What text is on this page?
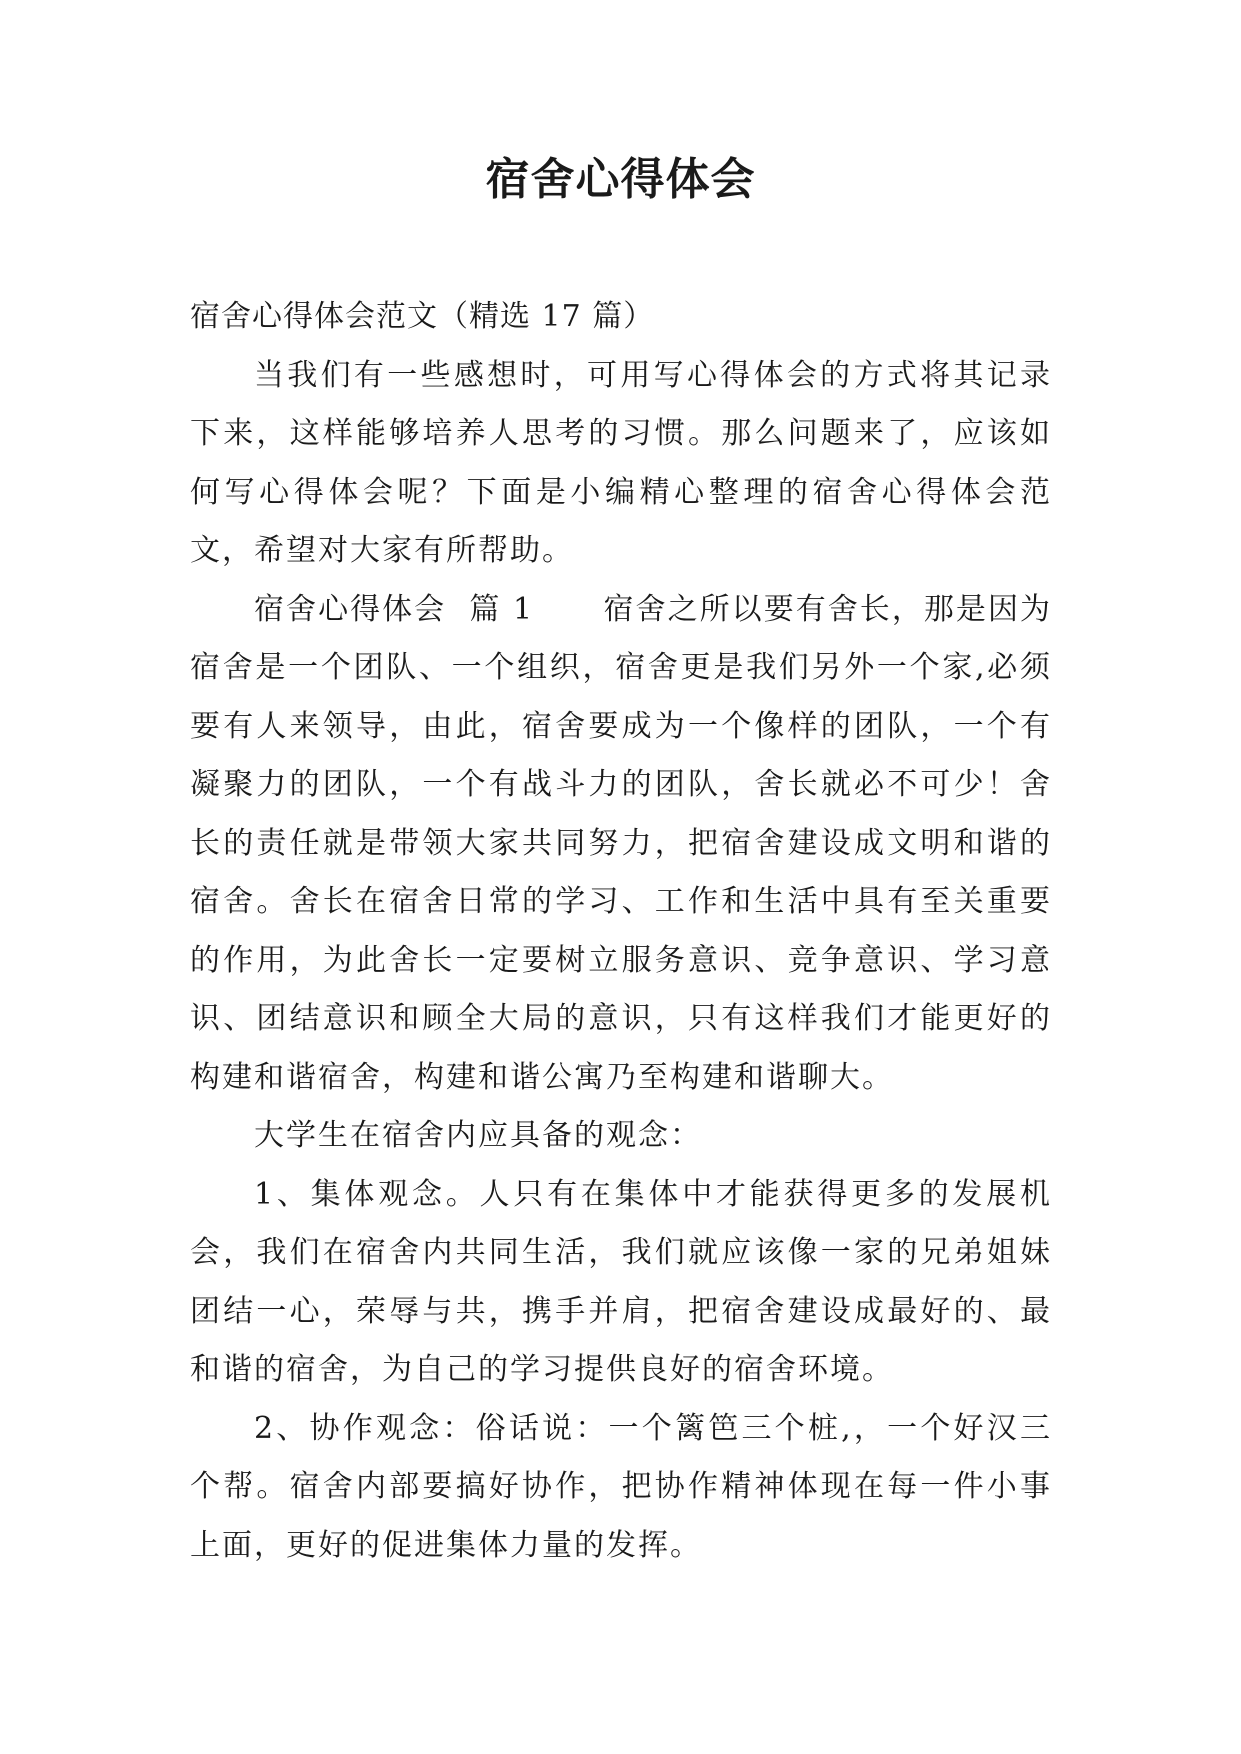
宿舍心得体会

宿舍心得体会范文（精选 17 篇）

当我们有一些感想时，可用写心得体会的方式将其记录下来，这样能够培养人思考的习惯。那么问题来了，应该如何写心得体会呢？下面是小编精心整理的宿舍心得体会范文，希望对大家有所帮助。

宿舍心得体会  篇 1      宿舍之所以要有舍长，那是因为宿舍是一个团队、一个组织，宿舍更是我们另外一个家,必须要有人来领导，由此，宿舍要成为一个像样的团队，一个有凝聚力的团队，一个有战斗力的团队，舍长就必不可少！舍长的责任就是带领大家共同努力，把宿舍建设成文明和谐的宿舍。舍长在宿舍日常的学习、工作和生活中具有至关重要的作用，为此舍长一定要树立服务意识、竞争意识、学习意识、团结意识和顾全大局的意识，只有这样我们才能更好的构建和谐宿舍，构建和谐公寓乃至构建和谐聊大。

大学生在宿舍内应具备的观念：

1、集体观念。人只有在集体中才能获得更多的发展机会，我们在宿舍内共同生活，我们就应该像一家的兄弟姐妹团结一心，荣辱与共，携手并肩，把宿舍建设成最好的、最和谐的宿舍，为自己的学习提供良好的宿舍环境。

2、协作观念：俗话说：一个篱笆三个桩,，一个好汉三个帮。宿舍内部要搞好协作，把协作精神体现在每一件小事上面，更好的促进集体力量的发挥。
